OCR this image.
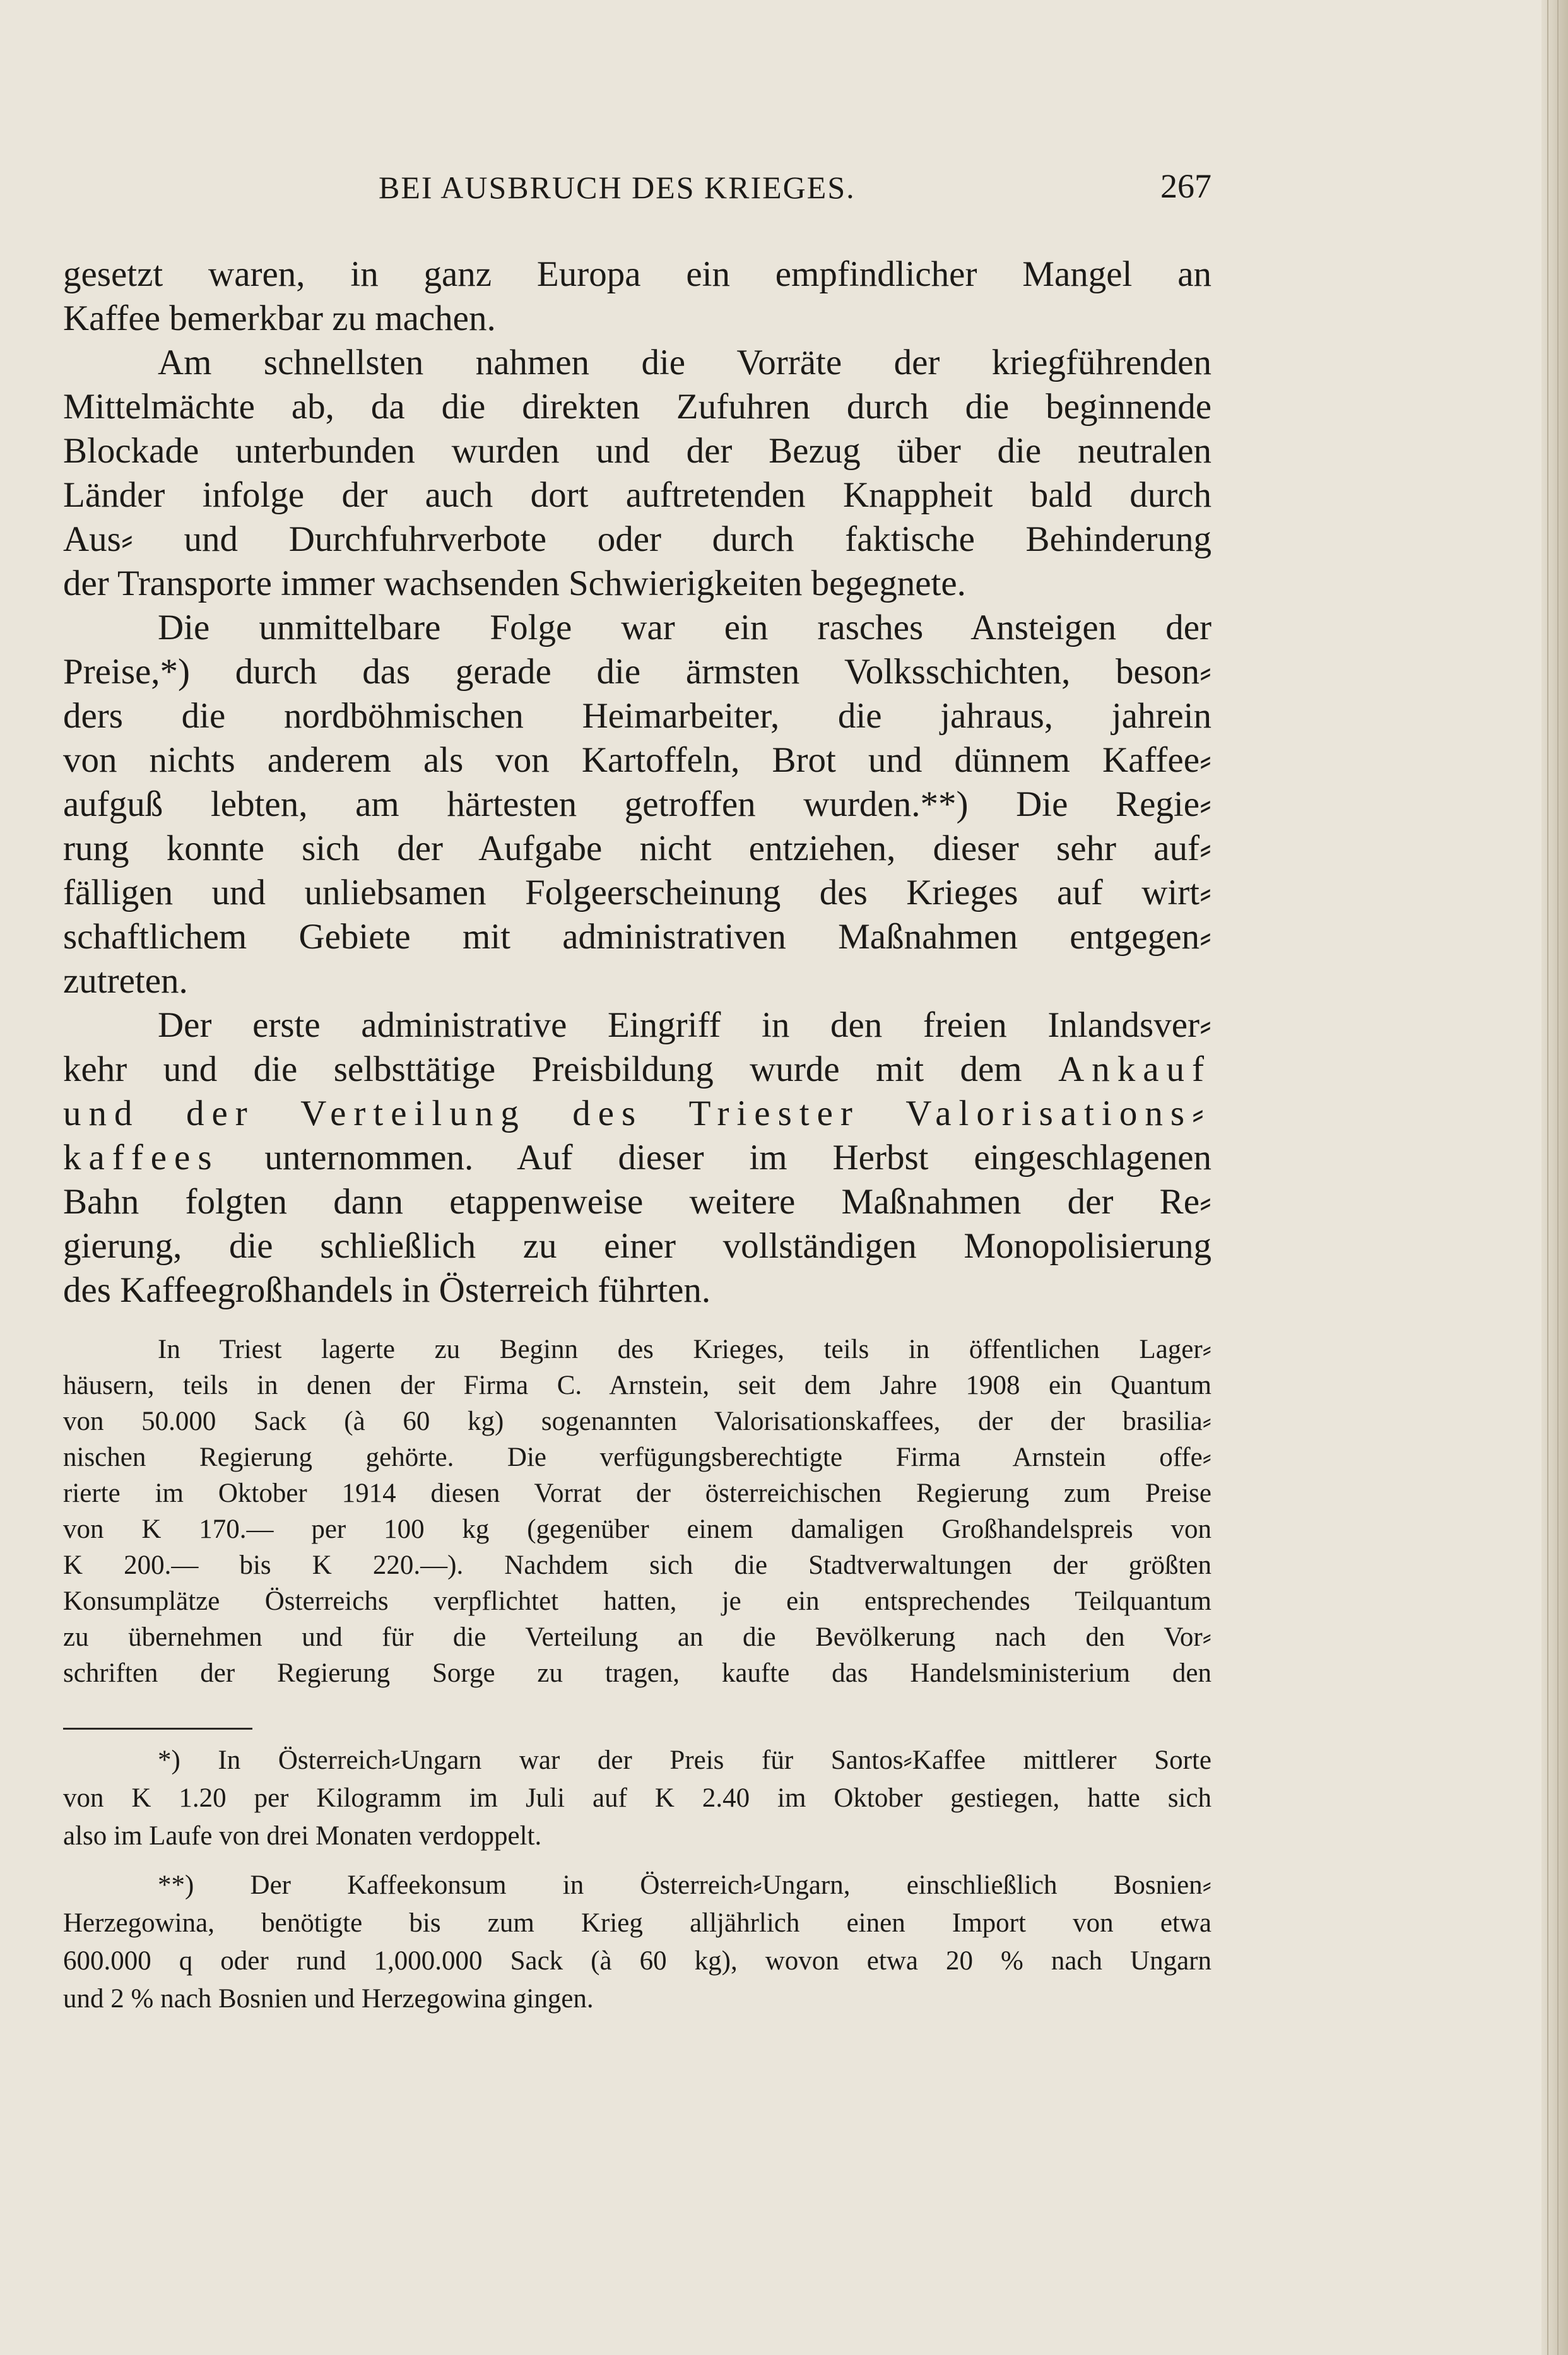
BEI AUSBRUCH DES KRIEGES.	267
gesetzt waren, in ganz Europa ein empfindlicher Mangel an
Kaffee bemerkbar zu machen.
Am schnellsten nahmen die Vorräte der kriegführenden
Mittelmächte ab, da die direkten Zufuhren durch die beginnende
Blockade unterbunden wurden und der Bezug über die neutralen
Länder infolge der auch dort auftretenden Knappheit bald durch
Aus⸗ und Durchfuhrverbote oder durch faktische Behinderung
der Transporte immer wachsenden Schwierigkeiten begegnete.
Die unmittelbare Folge war ein rasches Ansteigen der
Preise,*) durch das gerade die ärmsten Volksschichten, beson⸗
ders die nordböhmischen Heimarbeiter, die jahraus, jahrein
von nichts anderem als von Kartoffeln, Brot und dünnem Kaffee⸗
aufguß lebten, am härtesten getroffen wurden.**) Die Regie⸗
rung konnte sich der Aufgabe nicht entziehen, dieser sehr auf⸗
fälligen und unliebsamen Folgeerscheinung des Krieges auf wirt⸗
schaftlichem Gebiete mit administrativen Maßnahmen entgegen⸗
zutreten.
Der erste administrative Eingriff in den freien Inlandsver⸗
kehr und die selbsttätige Preisbildung wurde mit dem Ankauf
und der Verteilung des Triester Valorisations⸗
kaffees unternommen. Auf dieser im Herbst eingeschlagenen
Bahn folgten dann etappenweise weitere Maßnahmen der Re⸗
gierung, die schließlich zu einer vollständigen Monopolisierung
des Kaffeegroßhandels in Österreich führten.
In Triest lagerte zu Beginn des Krieges, teils in öffentlichen Lager⸗
häusern, teils in denen der Firma C. Arnstein, seit dem Jahre 1908 ein Quantum
von 50.000 Sack (à 60 kg) sogenannten Valorisationskaffees, der der brasilia⸗
nischen Regierung gehörte. Die verfügungsberechtigte Firma Arnstein offe⸗
rierte im Oktober 1914 diesen Vorrat der österreichischen Regierung zum Preise
von K 170.— per 100 kg (gegenüber einem damaligen Großhandelspreis von
K 200.— bis K 220.—). Nachdem sich die Stadtverwaltungen der größten
Konsumplätze Österreichs verpflichtet hatten, je ein entsprechendes Teilquantum
zu übernehmen und für die Verteilung an die Bevölkerung nach den Vor⸗
schriften der Regierung Sorge zu tragen, kaufte das Handelsministerium den
*) In Österreich⸗Ungarn war der Preis für Santos⸗Kaffee mittlerer Sorte
von K 1.20 per Kilogramm im Juli auf K 2.40 im Oktober gestiegen, hatte sich
also im Laufe von drei Monaten verdoppelt.
**) Der Kaffeekonsum in Österreich⸗Ungarn, einschließlich Bosnien⸗
Herzegowina, benötigte bis zum Krieg alljährlich einen Import von etwa
600.000 q oder rund 1,000.000 Sack (à 60 kg), wovon etwa 20 % nach Ungarn
und 2 % nach Bosnien und Herzegowina gingen.
